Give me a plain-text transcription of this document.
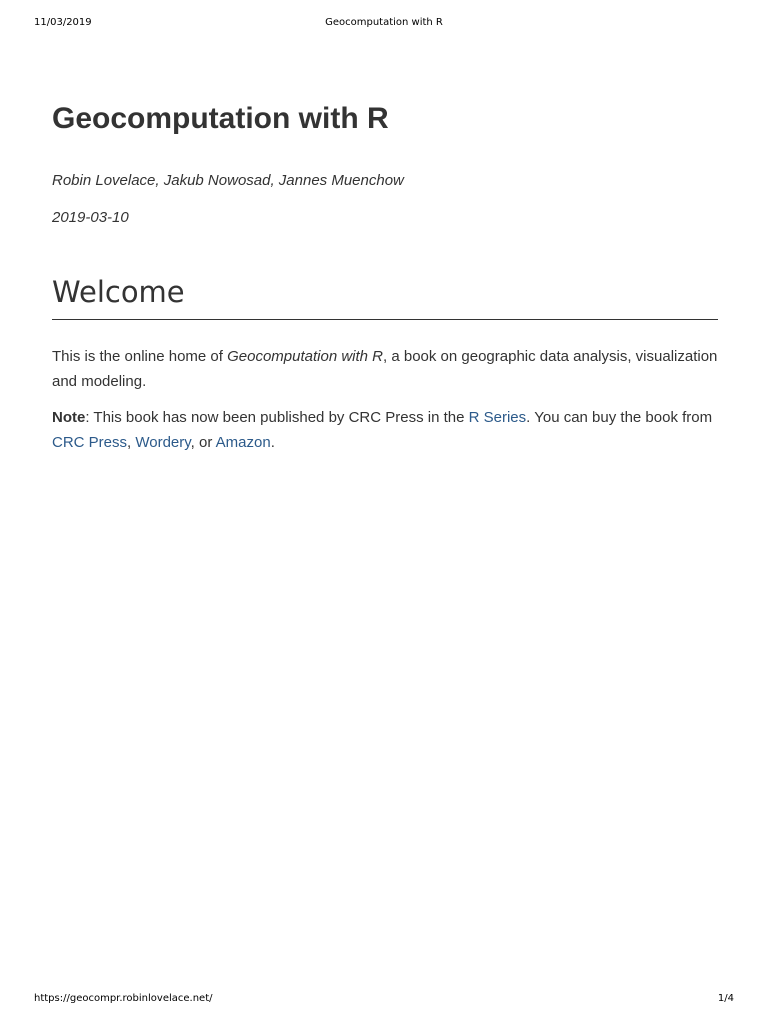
11/03/2019	Geocomputation with R
Geocomputation with R

Robin Lovelace, Jakub Nowosad, Jannes Muenchow

2019-03-10

Welcome

This is the online home of Geocomputation with R, a book on geographic data analysis, visualization and modeling.

Note: This book has now been published by CRC Press in the R Series. You can buy the book from CRC Press, Wordery, or Amazon.

https://geocompr.robinlovelace.net/	1/4
